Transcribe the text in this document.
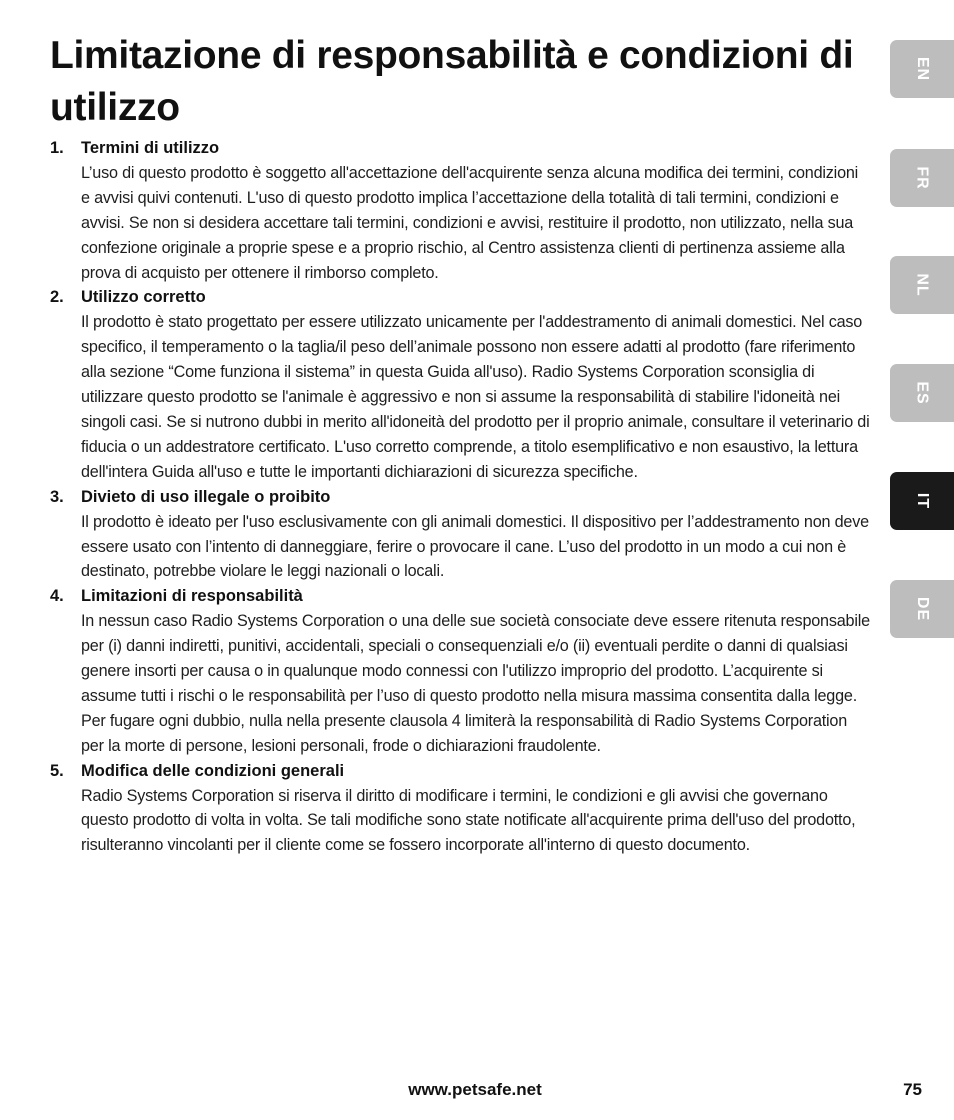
Limitazione di responsabilità e condizioni di utilizzo
1.	Termini di utilizzo

L’uso di questo prodotto è soggetto all'accettazione dell'acquirente senza alcuna modifica dei termini, condizioni e avvisi quivi contenuti. L'uso di questo prodotto implica l’accettazione della totalità di tali termini, condizioni e avvisi. Se non si desidera accettare tali termini, condizioni e avvisi, restituire il prodotto, non utilizzato, nella sua confezione originale a proprie spese e a proprio rischio, al Centro assistenza clienti di pertinenza assieme alla prova di acquisto per ottenere il rimborso completo.

2.	Utilizzo corretto

Il prodotto è stato progettato per essere utilizzato unicamente per l'addestramento di animali domestici. Nel caso specifico, il temperamento o la taglia/il peso dell’animale possono non essere adatti al prodotto (fare riferimento alla sezione “Come funziona il sistema” in questa Guida all'uso). Radio Systems Corporation sconsiglia di utilizzare questo prodotto se l'animale è aggressivo e non si assume la responsabilità di stabilire l'idoneità nei singoli casi. Se si nutrono dubbi in merito all'idoneità del prodotto per il proprio animale, consultare il veterinario di fiducia o un addestratore certificato. L'uso corretto comprende, a titolo esemplificativo e non esaustivo, la lettura dell'intera Guida all'uso e tutte le importanti dichiarazioni di sicurezza specifiche.

3.	Divieto di uso illegale o proibito

Il prodotto è ideato per l'uso esclusivamente con gli animali domestici. Il dispositivo per l’addestramento non deve essere usato con l’intento di danneggiare, ferire o provocare il cane. L’uso del prodotto in un modo a cui non è destinato, potrebbe violare le leggi nazionali o locali.

4.	Limitazioni di responsabilità

In nessun caso Radio Systems Corporation o una delle sue società consociate deve essere ritenuta responsabile per (i) danni indiretti, punitivi, accidentali, speciali o consequenziali e/o (ii) eventuali perdite o danni di qualsiasi genere insorti per causa o in qualunque modo connessi con l'utilizzo improprio del prodotto. L’acquirente si assume tutti i rischi o le responsabilità per l’uso di questo prodotto nella misura massima consentita dalla legge. Per fugare ogni dubbio, nulla nella presente clausola 4 limiterà la responsabilità di Radio Systems Corporation per la morte di persone, lesioni personali, frode o dichiarazioni fraudolente.

5.	Modifica delle condizioni generali

Radio Systems Corporation si riserva il diritto di modificare i termini, le condizioni e gli avvisi che governano questo prodotto di volta in volta. Se tali modifiche sono state notificate all'acquirente prima dell'uso del prodotto, risulteranno vincolanti per il cliente come se fossero incorporate all'interno di questo documento.

EN
FR
NL
ES
IT
DE
www.petsafe.net	75
